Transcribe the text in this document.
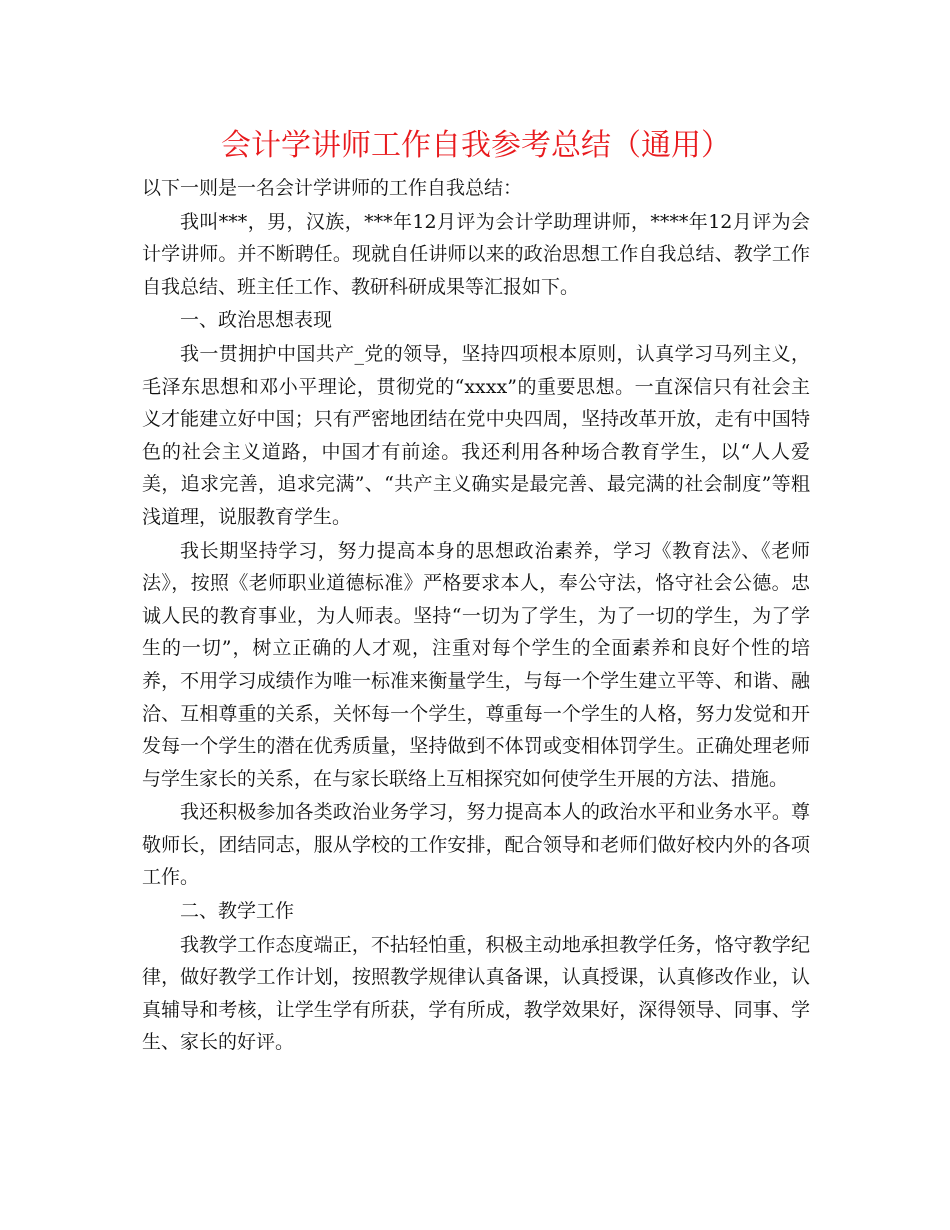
会计学讲师工作自我参考总结（通用）

以下一则是一名会计学讲师的工作自我总结：

我叫***，男，汉族，***年12月评为会计学助理讲师，****年12月评为会计学讲师。并不断聘任。现就自任讲师以来的政治思想工作自我总结、教学工作自我总结、班主任工作、教研科研成果等汇报如下。

一、政治思想表现

我一贯拥护中国共产_党的领导，坚持四项根本原则，认真学习马列主义，毛泽东思想和邓小平理论，贯彻党的“xxxx”的重要思想。一直深信只有社会主义才能建立好中国；只有严密地团结在党中央四周，坚持改革开放，走有中国特色的社会主义道路，中国才有前途。我还利用各种场合教育学生，以“人人爱美，追求完善，追求完满”、“共产主义确实是最完善、最完满的社会制度”等粗浅道理，说服教育学生。

我长期坚持学习，努力提高本身的思想政治素养，学习《教育法》、《老师法》，按照《老师职业道德标准》严格要求本人，奉公守法，恪守社会公德。忠诚人民的教育事业，为人师表。坚持“一切为了学生，为了一切的学生，为了学生的一切”，树立正确的人才观，注重对每个学生的全面素养和良好个性的培养，不用学习成绩作为唯一标准来衡量学生，与每一个学生建立平等、和谐、融洽、互相尊重的关系，关怀每一个学生，尊重每一个学生的人格，努力发觉和开发每一个学生的潜在优秀质量，坚持做到不体罚或变相体罚学生。正确处理老师与学生家长的关系，在与家长联络上互相探究如何使学生开展的方法、措施。

我还积极参加各类政治业务学习，努力提高本人的政治水平和业务水平。尊敬师长，团结同志，服从学校的工作安排，配合领导和老师们做好校内外的各项工作。

二、教学工作

我教学工作态度端正，不拈轻怕重，积极主动地承担教学任务，恪守教学纪律，做好教学工作计划，按照教学规律认真备课，认真授课，认真修改作业，认真辅导和考核，让学生学有所获，学有所成，教学效果好，深得领导、同事、学生、家长的好评。
